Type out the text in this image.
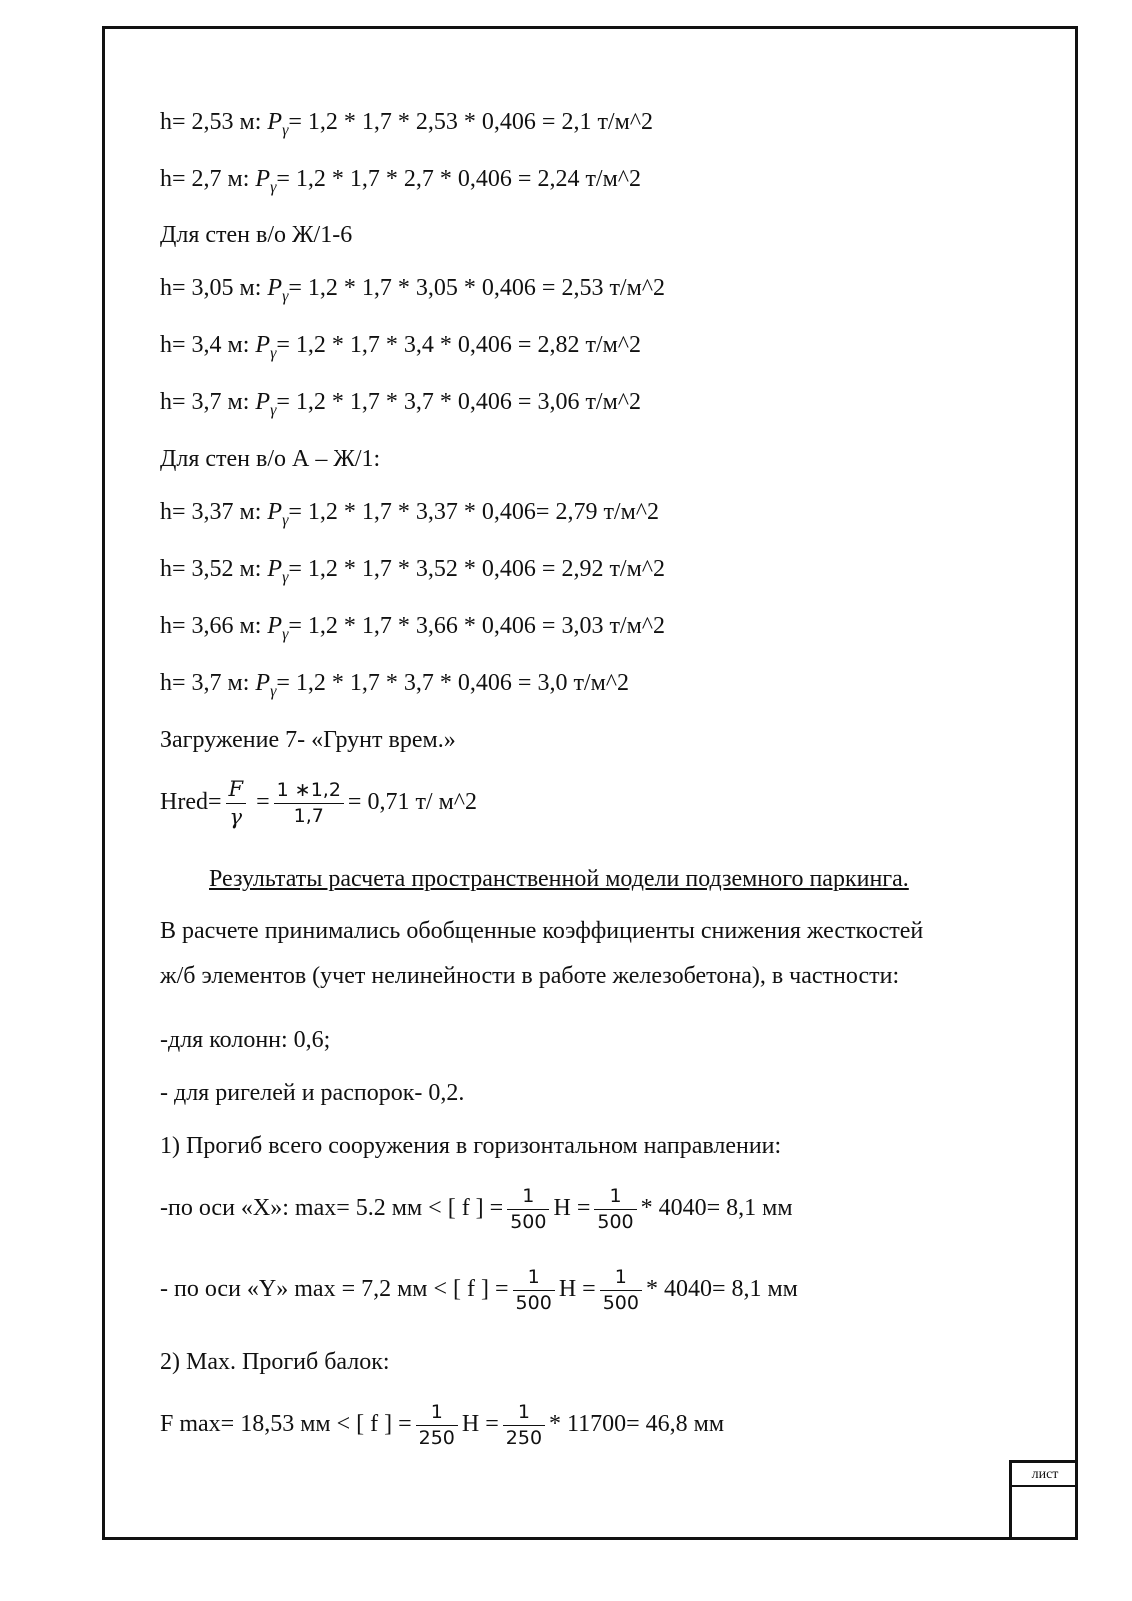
лист
h= 2,53 м: $P_\gamma= 1,2 * 1,7 * 2,53 * 0,406 = 2,1$ т/м^2
h= 2,7 м: $P_\gamma= 1,2 * 1,7 * 2,7 * 0,406 = 2,24$ т/м^2
Для стен в/о Ж/1-6
h= 3,05 м: $P_\gamma= 1,2 * 1,7 * 3,05 * 0,406 = 2,53$ т/м^2
h= 3,4 м: $P_\gamma= 1,2 * 1,7 * 3,4 * 0,406 = 2,82$ т/м^2
h= 3,7 м: $P_\gamma= 1,2 * 1,7 * 3,7 * 0,406 = 3,06$ т/м^2
Для стен в/о А – Ж/1:
h= 3,37 м: $P_\gamma= 1,2 * 1,7 * 3,37 * 0,406= 2,79$ т/м^2
h= 3,52 м: $P_\gamma= 1,2 * 1,7 * 3,52 * 0,406 = 2,92$ т/м^2
h= 3,66 м: $P_\gamma= 1,2 * 1,7 * 3,66 * 0,406 = 3,03$ т/м^2
h= 3,7 м: $P_\gamma= 1,2 * 1,7 * 3,7 * 0,406 = 3,0$ т/м^2
Загружение 7- «Грунт врем.»
Hred= $\frac{F}{\gamma} = \frac{1 ∗1,2}{1,7} = 0,71$ т/ м^2
Результаты расчета пространственной модели подземного паркинга.
В расчете принимались обобщенные коэффициенты снижения жесткостей
ж/б элементов (учет нелинейности в работе железобетона), в частности:
-для колонн: 0,6;
- для ригелей и распорок- 0,2.
1) Прогиб всего сооружения в горизонтальном направлении:
-по оси «X»: max= 5.2 мм < [ f ] = $\frac{1}{500}$ $H = \frac{1}{500} * 4040= 8,1$ мм
- по оси «Y» max = 7,2 мм < [ f ] = $\frac{1}{500}$ $H = \frac{1}{500} * 4040= 8,1$ мм
2) Max. Прогиб балок:
F max= 18,53 мм < [ f ] = $\frac{1}{250}$ $H = \frac{1}{250} * 11700= 46,8$ мм
